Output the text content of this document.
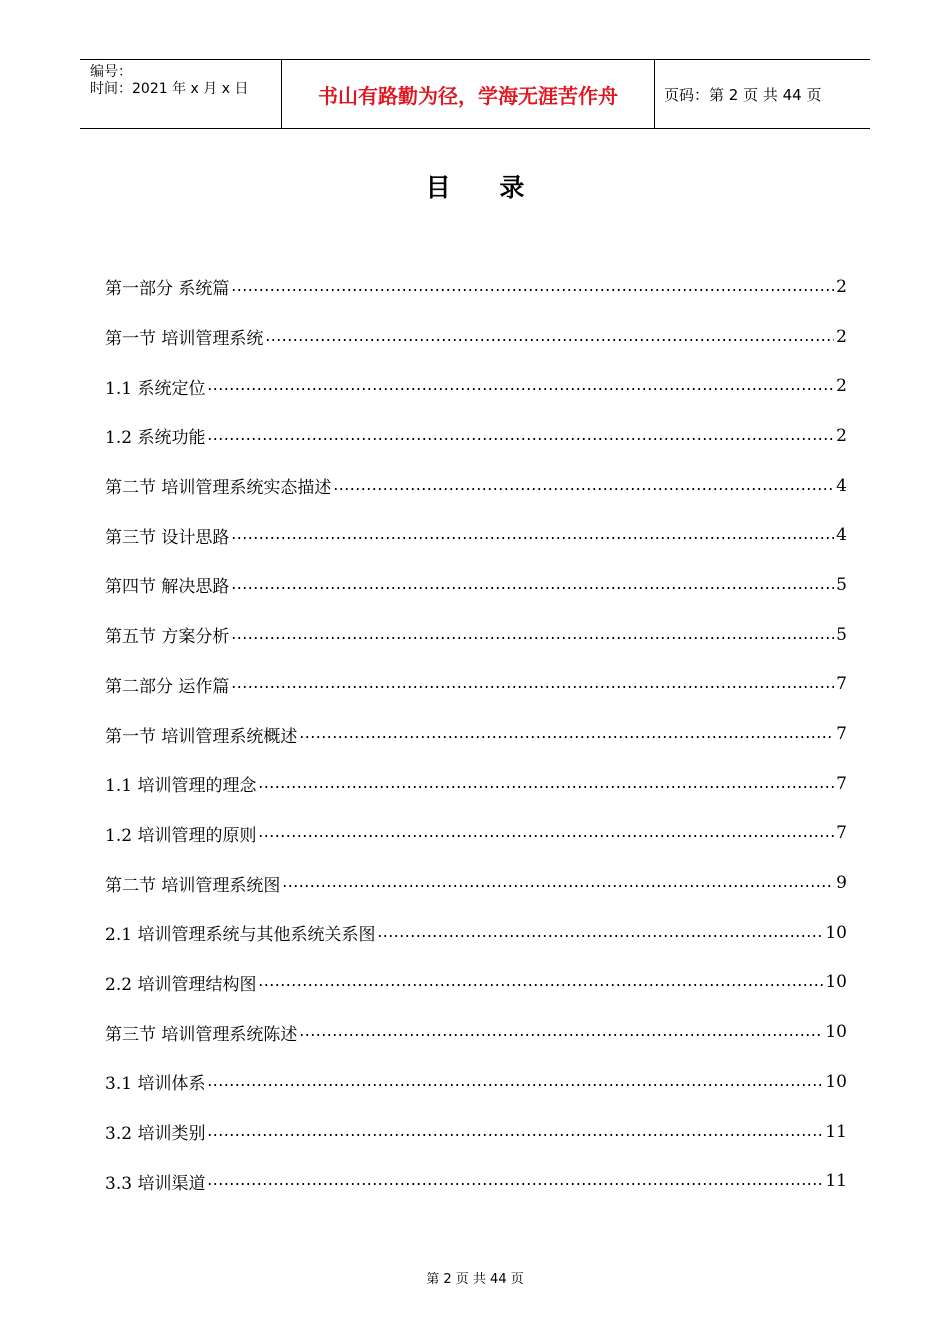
编号：
时间：2021 年 x 月 x 日	书山有路勤为径，学海无涯苦作舟	页码：第 2 页 共 44 页
目 录
第一部分 系统篇	2
第一节 培训管理系统	2
1.1 系统定位	2
1.2 系统功能	2
第二节 培训管理系统实态描述	4
第三节 设计思路	4
第四节 解决思路	5
第五节 方案分析	5
第二部分 运作篇	7
第一节 培训管理系统概述	7
1.1 培训管理的理念	7
1.2 培训管理的原则	7
第二节 培训管理系统图	9
2.1 培训管理系统与其他系统关系图	10
2.2 培训管理结构图	10
第三节 培训管理系统陈述	10
3.1 培训体系	10
3.2 培训类别	11
3.3 培训渠道	11
第 2 页 共 44 页
